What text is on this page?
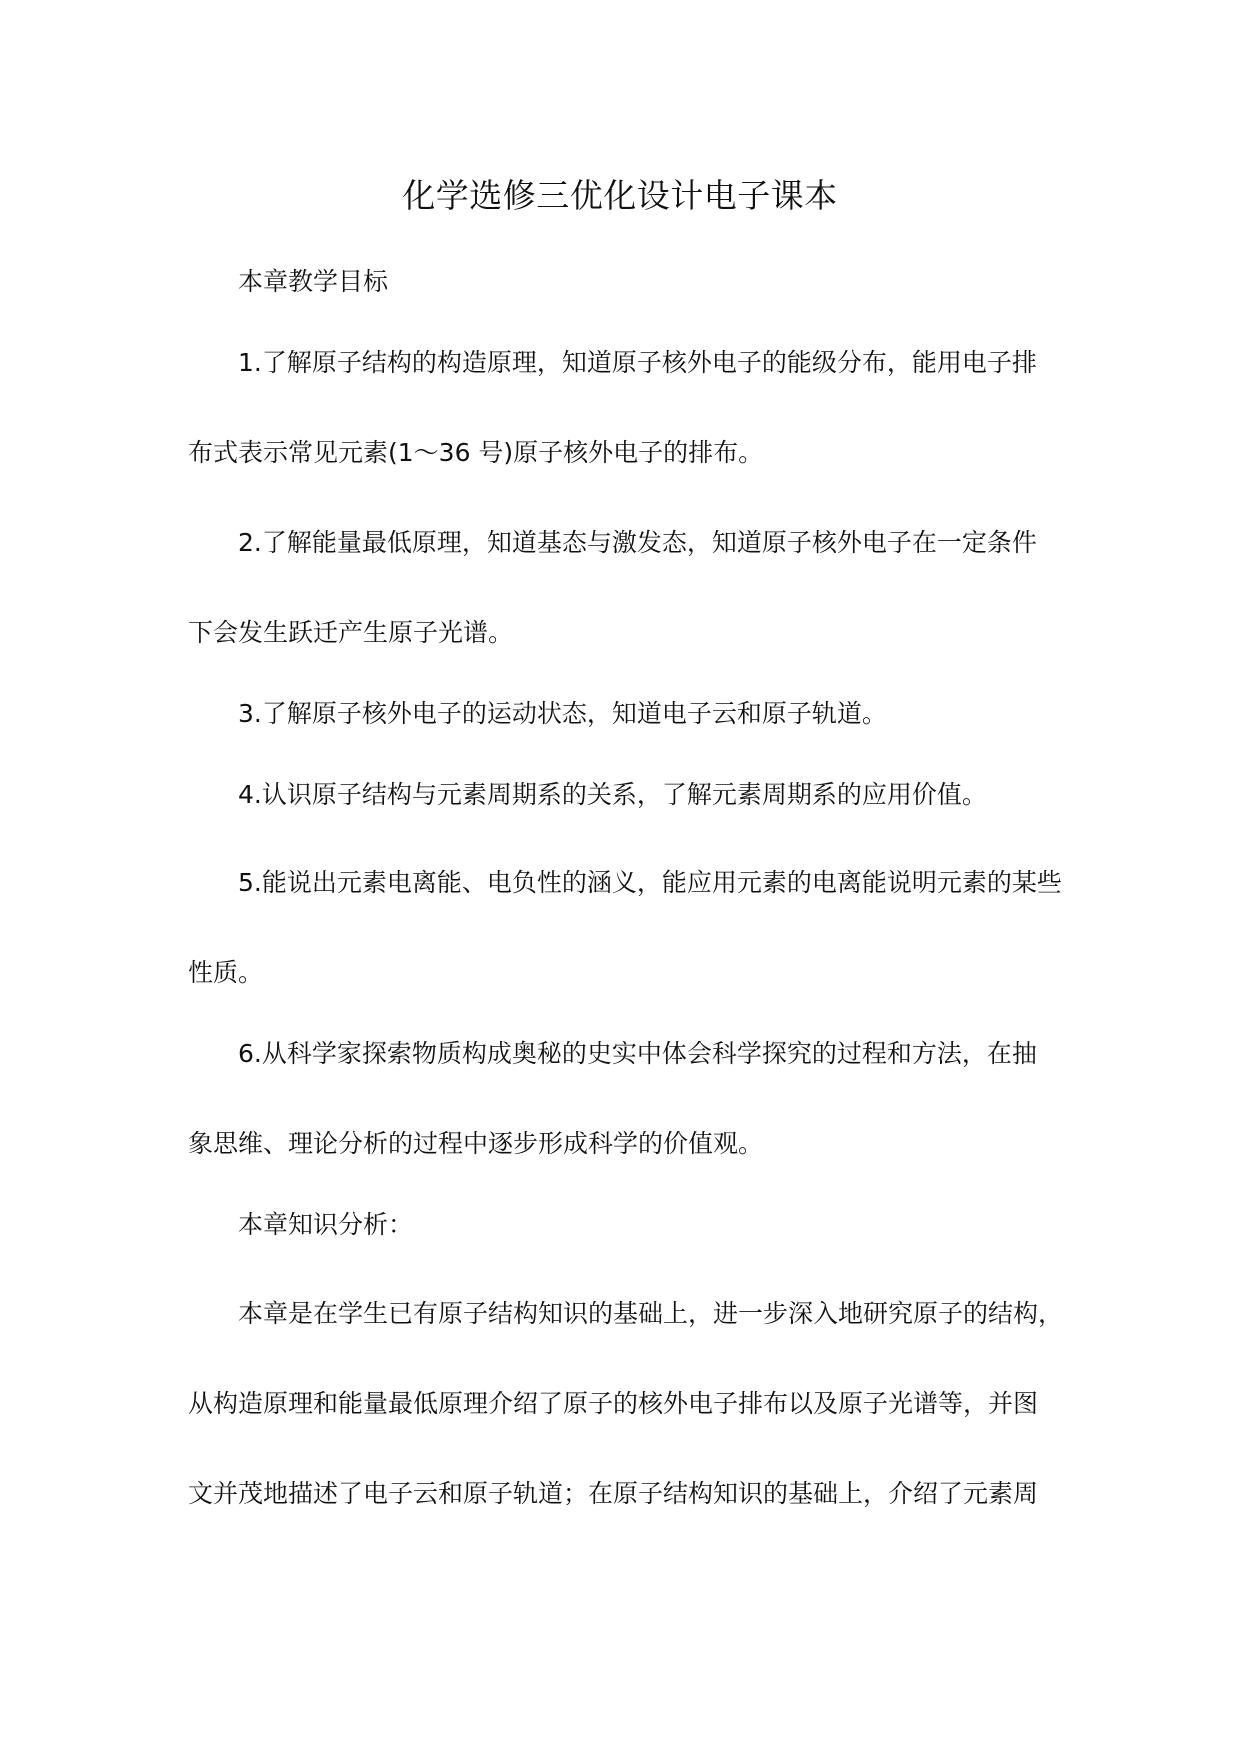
化学选修三优化设计电子课本
本章教学目标
1.了解原子结构的构造原理，知道原子核外电子的能级分布，能用电子排
布式表示常见元素(1～36 号)原子核外电子的排布。
2.了解能量最低原理，知道基态与激发态，知道原子核外电子在一定条件
下会发生跃迁产生原子光谱。
3.了解原子核外电子的运动状态，知道电子云和原子轨道。
4.认识原子结构与元素周期系的关系，了解元素周期系的应用价值。
5.能说出元素电离能、电负性的涵义，能应用元素的电离能说明元素的某些
性质。
6.从科学家探索物质构成奥秘的史实中体会科学探究的过程和方法，在抽
象思维、理论分析的过程中逐步形成科学的价值观。
本章知识分析：
本章是在学生已有原子结构知识的基础上，进一步深入地研究原子的结构，
从构造原理和能量最低原理介绍了原子的核外电子排布以及原子光谱等，并图
文并茂地描述了电子云和原子轨道；在原子结构知识的基础上，介绍了元素周
